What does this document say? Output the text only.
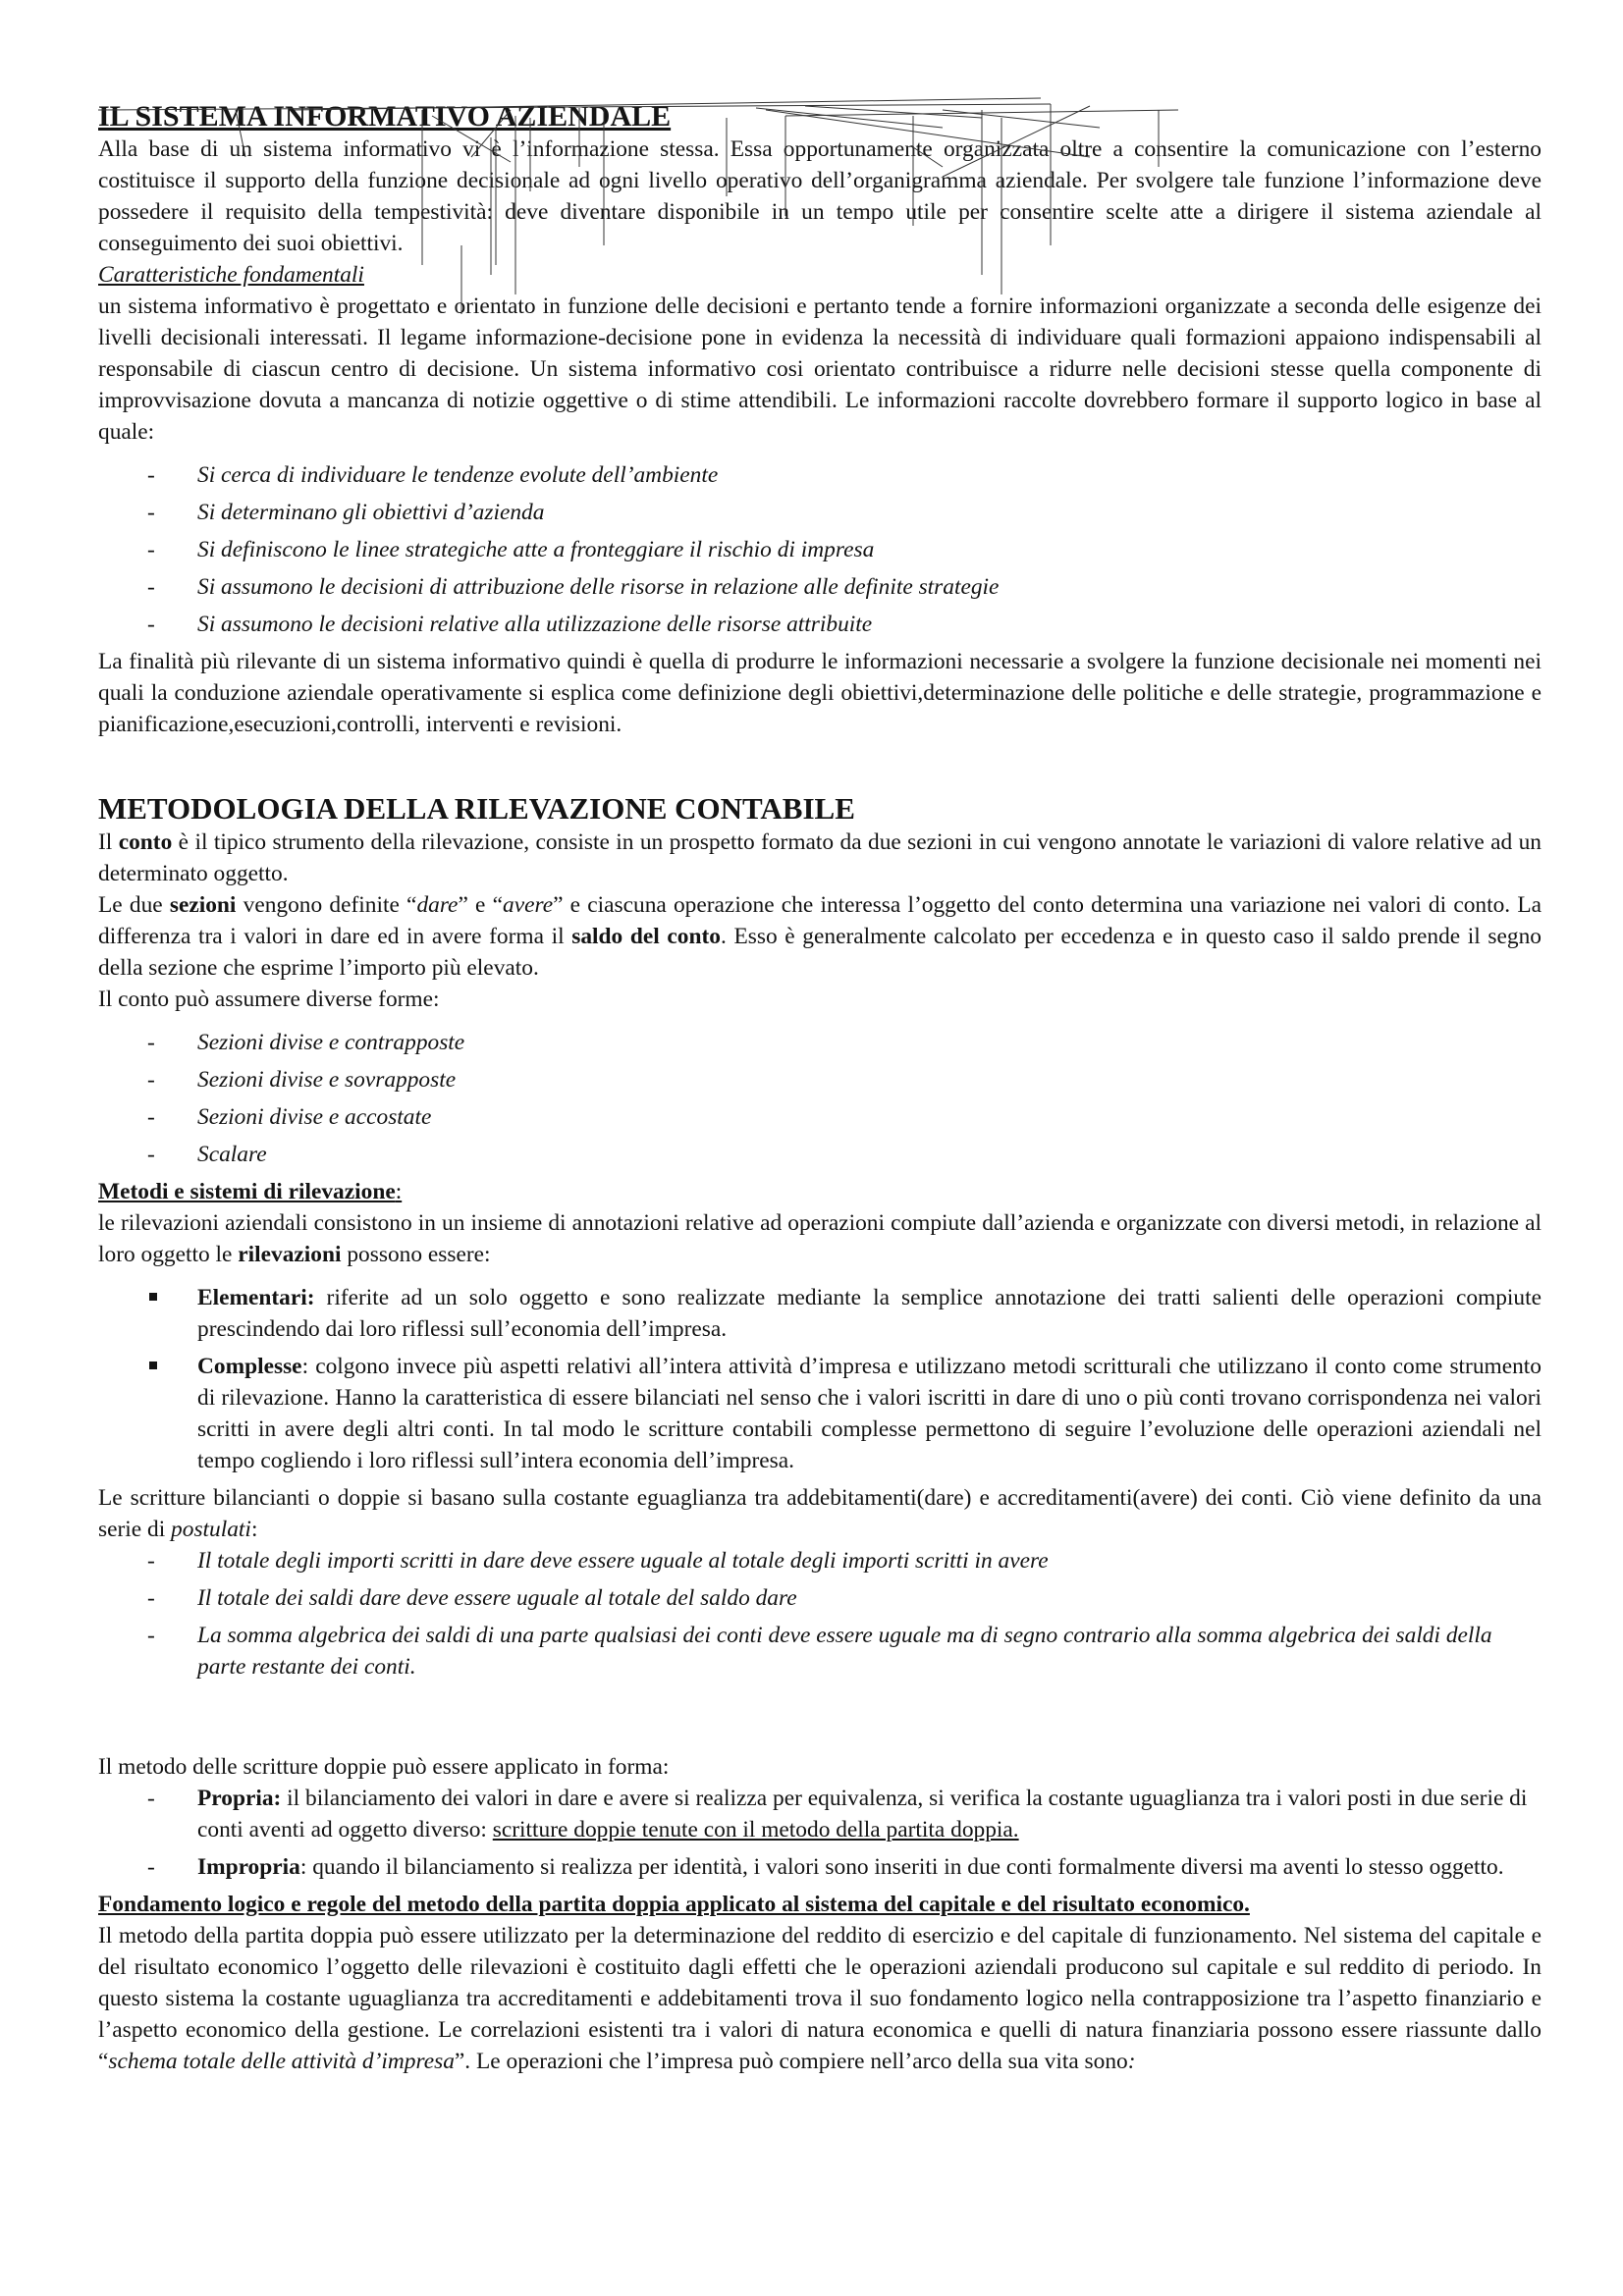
IL SISTEMA INFORMATIVO AZIENDALE

Alla base di un sistema informativo vi è l’informazione stessa. Essa opportunamente organizzata oltre a consentire la comunicazione con l’esterno costituisce il supporto della funzione decisionale ad ogni livello operativo dell’organigramma aziendale. Per svolgere tale funzione l’informazione deve possedere il requisito della tempestività: deve diventare disponibile in un tempo utile per consentire scelte atte a dirigere il sistema aziendale al conseguimento dei suoi obiettivi.

Caratteristiche fondamentali

un sistema informativo è progettato e orientato in funzione delle decisioni e pertanto tende a fornire informazioni organizzate a seconda delle esigenze dei livelli decisionali interessati. Il legame informazione-decisione pone in evidenza la necessità di individuare quali formazioni appaiono indispensabili al responsabile di ciascun centro di decisione. Un sistema informativo cosi orientato contribuisce a ridurre nelle decisioni stesse quella componente di improvvisazione dovuta a mancanza di notizie oggettive o di stime attendibili. Le informazioni raccolte dovrebbero formare il supporto logico in base al quale:

- Si cerca di individuare le tendenze evolute dell’ambiente
- Si determinano gli obiettivi d’azienda
- Si definiscono le linee strategiche atte a fronteggiare il rischio di impresa
- Si assumono le decisioni di attribuzione delle risorse in relazione alle definite strategie
- Si assumono le decisioni relative alla utilizzazione delle risorse attribuite

La finalità più rilevante di un sistema informativo quindi è quella di produrre le informazioni necessarie a svolgere la funzione decisionale nei momenti nei quali la conduzione aziendale operativamente si esplica come definizione degli obiettivi,determinazione delle politiche e delle strategie, programmazione e pianificazione,esecuzioni,controlli, interventi e revisioni.

METODOLOGIA DELLA RILEVAZIONE CONTABILE

Il conto è il tipico strumento della rilevazione, consiste in un prospetto formato da due sezioni in cui vengono annotate le variazioni di valore relative ad un determinato oggetto.

Le due sezioni vengono definite “dare” e “avere” e ciascuna operazione che interessa l’oggetto del conto determina una variazione nei valori di conto. La differenza tra i valori in dare ed in avere forma il saldo del conto. Esso è generalmente calcolato per eccedenza e in questo caso il saldo prende il segno della sezione che esprime l’importo più elevato.

Il conto può assumere diverse forme:

- Sezioni divise e contrapposte
- Sezioni divise e sovrapposte
- Sezioni divise e accostate
- Scalare

Metodi e sistemi di rilevazione:

le rilevazioni aziendali consistono in un insieme di annotazioni relative ad operazioni compiute dall’azienda e organizzate con diversi metodi, in relazione al loro oggetto le rilevazioni possono essere:

Elementari: riferite ad un solo oggetto e sono realizzate mediante la semplice annotazione dei tratti salienti delle operazioni compiute prescindendo dai loro riflessi sull’economia dell’impresa.
Complesse: colgono invece più aspetti relativi all’intera attività d’impresa e utilizzano metodi scritturali che utilizzano il conto come strumento di rilevazione. Hanno la caratteristica di essere bilanciati nel senso che i valori iscritti in dare di uno o più conti trovano corrispondenza nei valori scritti in avere degli altri conti. In tal modo le scritture contabili complesse permettono di seguire l’evoluzione delle operazioni aziendali nel tempo cogliendo i loro riflessi sull’intera economia dell’impresa.

Le scritture bilancianti o doppie si basano sulla costante eguaglianza tra addebitamenti(dare) e accreditamenti(avere) dei conti. Ciò viene definito da una serie di postulati:

- Il totale degli importi scritti in dare deve essere uguale al totale degli importi scritti in avere
- Il totale dei saldi dare deve essere uguale al totale del saldo dare
- La somma algebrica dei saldi di una parte qualsiasi dei conti deve essere uguale ma di segno contrario alla somma algebrica dei saldi della parte restante dei conti.

Il metodo delle scritture doppie può essere applicato in forma:

- Propria: il bilanciamento dei valori in dare e avere si realizza per equivalenza, si verifica la costante uguaglianza tra i valori posti in due serie di conti aventi ad oggetto diverso: scritture doppie tenute con il metodo della partita doppia.
- Impropria: quando il bilanciamento si realizza per identità, i valori sono inseriti in due conti formalmente diversi ma aventi lo stesso oggetto.

Fondamento logico e regole del metodo della partita doppia applicato al sistema del capitale e del risultato economico.

Il metodo della partita doppia può essere utilizzato per la determinazione del reddito di esercizio e del capitale di funzionamento. Nel sistema del capitale e del risultato economico l’oggetto delle rilevazioni è costituito dagli effetti che le operazioni aziendali producono sul capitale e sul reddito di periodo. In questo sistema la costante uguaglianza tra accreditamenti e addebitamenti trova il suo fondamento logico nella contrapposizione tra l’aspetto finanziario e l’aspetto economico della gestione. Le correlazioni esistenti tra i valori di natura economica e quelli di natura finanziaria possono essere riassunte dallo “schema totale delle attività d’impresa”. Le operazioni che l’impresa può compiere nell’arco della sua vita sono:
